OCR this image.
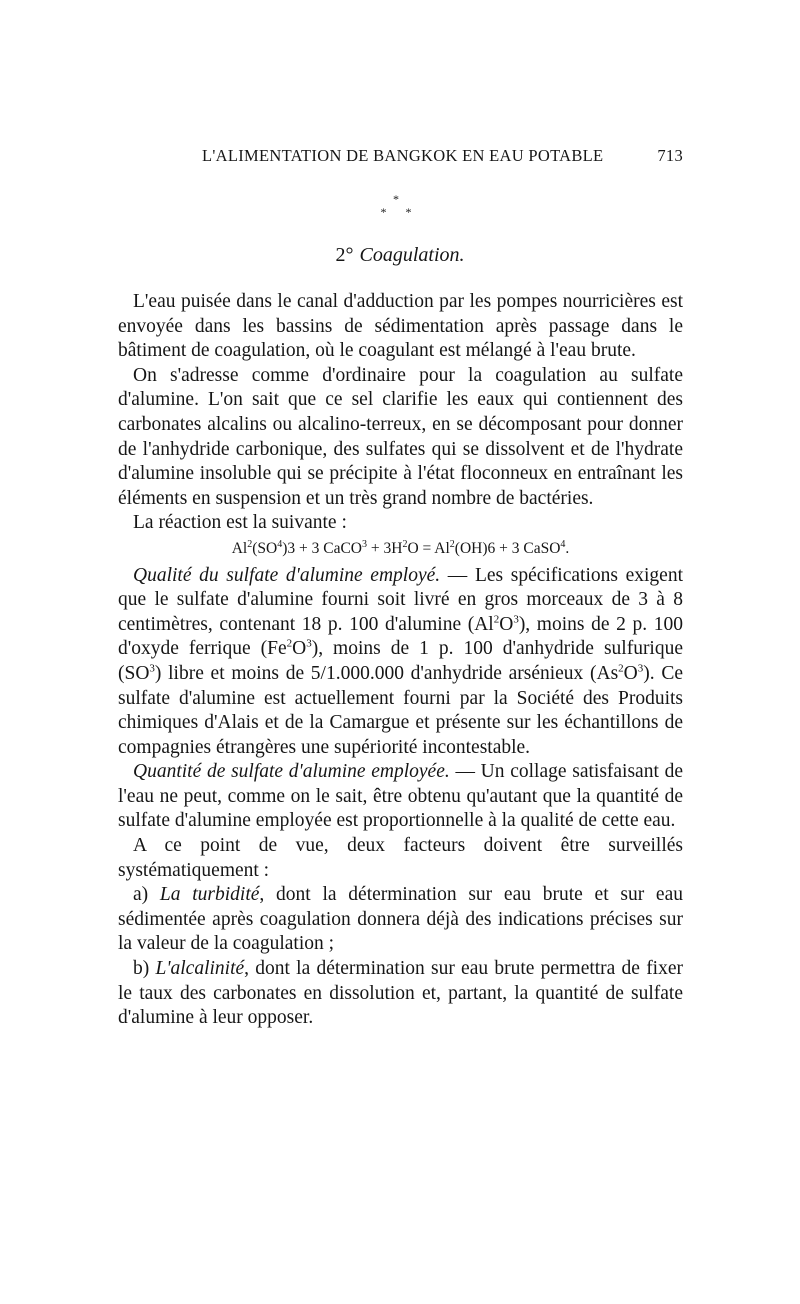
L'ALIMENTATION DE BANGKOK EN EAU POTABLE	713
*
* *
2° Coagulation.

L'eau puisée dans le canal d'adduction par les pompes nourricières est envoyée dans les bassins de sédimentation après passage dans le bâtiment de coagulation, où le coagulant est mélangé à l'eau brute.

On s'adresse comme d'ordinaire pour la coagulation au sulfate d'alumine. L'on sait que ce sel clarifie les eaux qui contiennent des carbonates alcalins ou alcalino-terreux, en se décomposant pour donner de l'anhydride carbonique, des sulfates qui se dissolvent et de l'hydrate d'alumine insoluble qui se précipite à l'état floconneux en entraînant les éléments en suspension et un très grand nombre de bactéries.

La réaction est la suivante :

$Al^2(SO^4)3 + 3$ CaCO$^3$ + $3H^2O = Al^2(OH)6 + 3$ CaSO$^4$.

Qualité du sulfate d'alumine employé. — Les spécifications exigent que le sulfate d'alumine fourni soit livré en gros morceaux de 3 à 8 centimètres, contenant 18 p. 100 d'alumine $(Al^2O^3)$, moins de 2 p. 100 d'oxyde ferrique $(Fe^2O^3)$, moins de 1 p. 100 d'anhydride sulfurique $(SO^3)$ libre et moins de 5/1.000.000 d'anhydride arsénieux $(As^2O^3)$. Ce sulfate d'alumine est actuellement fourni par la Société des Produits chimiques d'Alais et de la Camargue et présente sur les échantillons de compagnies étrangères une supériorité incontestable.

Quantité de sulfate d'alumine employée. — Un collage satisfaisant de l'eau ne peut, comme on le sait, être obtenu qu'autant que la quantité de sulfate d'alumine employée est proportionnelle à la qualité de cette eau.

A ce point de vue, deux facteurs doivent être surveillés systématiquement :

a) La turbidité, dont la détermination sur eau brute et sur eau sédimentée après coagulation donnera déjà des indications précises sur la valeur de la coagulation ;

b) L'alcalinité, dont la détermination sur eau brute permettra de fixer le taux des carbonates en dissolution et, partant, la quantité de sulfate d'alumine à leur opposer.
